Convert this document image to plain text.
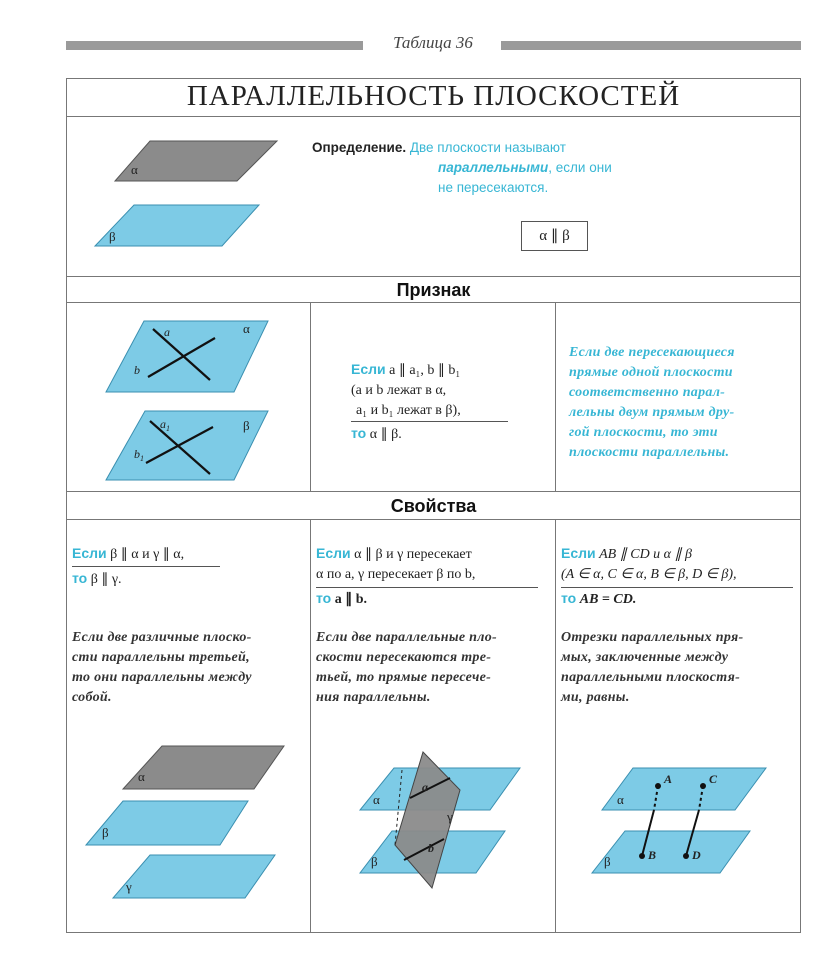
Таблица 36
ПАРАЛЛЕЛЬНОСТЬ ПЛОСКОСТЕЙ
α
β
Определение. Две плоскости называют
параллельными, если они
не пересекаются.
α ∥ β
Признак
α
a
b
β
$a_1$
$b_1$
Если a ∥ a₁, b ∥ b₁
(a и b лежат в α,
a₁ и b₁ лежат в β),
то α ∥ β.
Если две пересекающиеся
прямые одной плоскости
соответственно парал-
лельны двум прямым дру-
гой плоскости, то эти
плоскости параллельны.
Свойства
Если β ∥ α и γ ∥ α,
то β ∥ γ.
Если две различные плоско-
сти параллельны третьей,
то они параллельны между
собой.
α
β
γ
Если α ∥ β и γ пересекает
α по a, γ пересекает β по b,
то a ∥ b.
Если две параллельные пло-
скости пересекаются тре-
тьей, то прямые пересече-
ния параллельны.
α
β
γ
a
b
Если AB ∥ CD и α ∥ β
(A ∈ α, C ∈ α, B ∈ β, D ∈ β),
то AB = CD.
Отрезки параллельных пря-
мых, заключенные между
параллельными плоскостя-
ми, равны.
α
β
A	C
B	D
